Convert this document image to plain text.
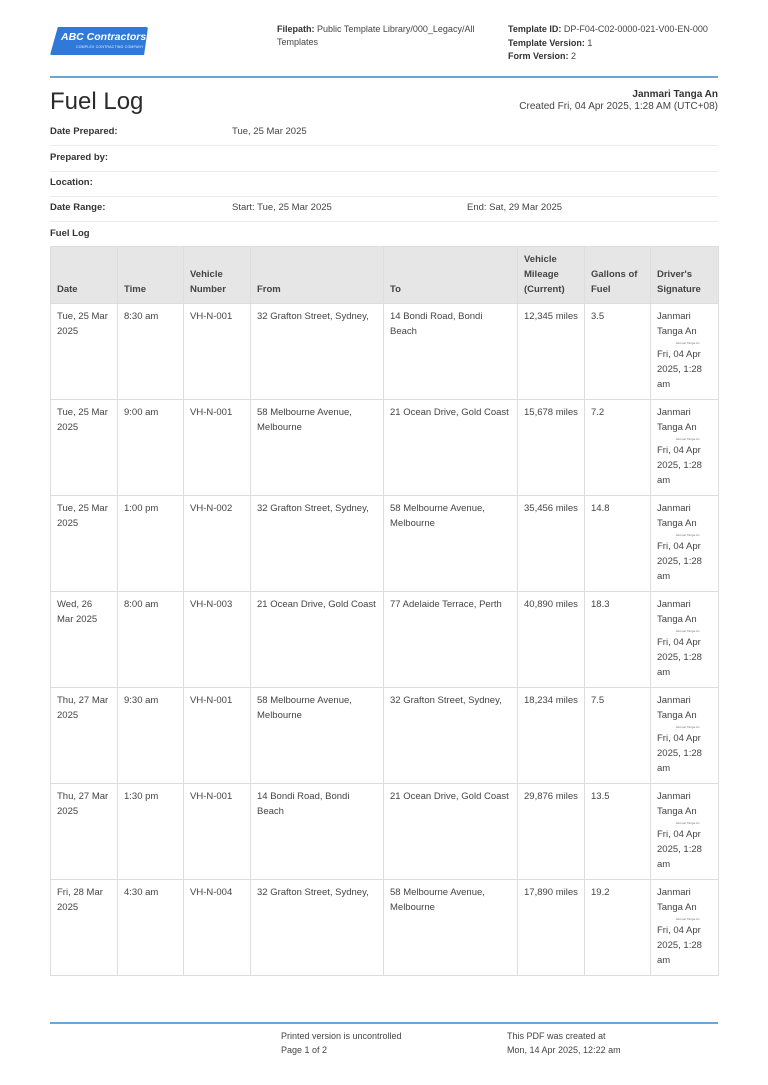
ABC Contractors
COMPLEX CONTRACTING COMPANY
Filepath: Public Template Library/000_Legacy/All Templates
Template ID: DP-F04-C02-0000-021-V00-EN-000
Template Version: 1
Form Version: 2
Fuel Log	Janmari Tanga An
Created Fri, 04 Apr 2025, 1:28 AM (UTC+08)
Date Prepared:	Tue, 25 Mar 2025
Prepared by:
Location:
Date Range:	Start: Tue, 25 Mar 2025	End: Sat, 29 Mar 2025
Fuel Log
Date	Time	Vehicle Number	From	To	Vehicle Mileage (Current)	Gallons of Fuel	Driver's Signature
Tue, 25 Mar 2025	8:30 am	VH-N-001	32 Grafton Street, Sydney,	14 Bondi Road, Bondi Beach	12,345 miles	3.5	Janmari Tanga An
Janmari Tanga An
Fri, 04 Apr 2025, 1:28 am

Tue, 25 Mar 2025	9:00 am	VH-N-001	58 Melbourne Avenue, Melbourne	21 Ocean Drive, Gold Coast	15,678 miles	7.2	Janmari Tanga An
Janmari Tanga An
Fri, 04 Apr 2025, 1:28 am

Tue, 25 Mar 2025	1:00 pm	VH-N-002	32 Grafton Street, Sydney,	58 Melbourne Avenue, Melbourne	35,456 miles	14.8	Janmari Tanga An
Janmari Tanga An
Fri, 04 Apr 2025, 1:28 am

Wed, 26 Mar 2025	8:00 am	VH-N-003	21 Ocean Drive, Gold Coast	77 Adelaide Terrace, Perth	40,890 miles	18.3	Janmari Tanga An
Janmari Tanga An
Fri, 04 Apr 2025, 1:28 am

Thu, 27 Mar 2025	9:30 am	VH-N-001	58 Melbourne Avenue, Melbourne	32 Grafton Street, Sydney,	18,234 miles	7.5	Janmari Tanga An
Janmari Tanga An
Fri, 04 Apr 2025, 1:28 am

Thu, 27 Mar 2025	1:30 pm	VH-N-001	14 Bondi Road, Bondi Beach	21 Ocean Drive, Gold Coast	29,876 miles	13.5	Janmari Tanga An
Janmari Tanga An
Fri, 04 Apr 2025, 1:28 am

Fri, 28 Mar 2025	4:30 am	VH-N-004	32 Grafton Street, Sydney,	58 Melbourne Avenue, Melbourne	17,890 miles	19.2	Janmari Tanga An
Janmari Tanga An
Fri, 04 Apr 2025, 1:28 am
Printed version is uncontrolled
Page 1 of 2
This PDF was created at
Mon, 14 Apr 2025, 12:22 am
